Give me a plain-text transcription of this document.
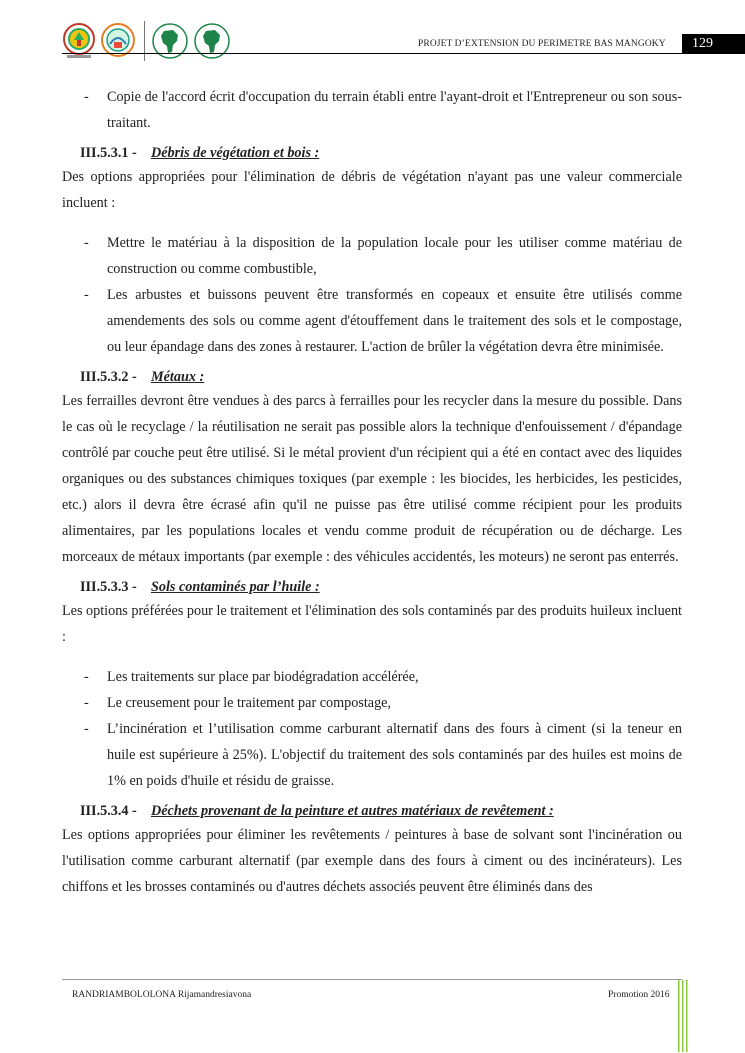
PROJET D’EXTENSION DU PERIMETRE BAS MANGOKY	129
- Copie de l'accord écrit d'occupation du terrain établi entre l'ayant-droit et l'Entrepreneur ou son sous-traitant.
III.5.3.1 - Débris de végétation et bois :

Des options appropriées pour l'élimination de débris de végétation n'ayant pas une valeur commerciale incluent :

- Mettre le matériau à la disposition de la population locale pour les utiliser comme matériau de construction ou comme combustible,
- Les arbustes et buissons peuvent être transformés en copeaux et ensuite être utilisés comme amendements des sols ou comme agent d'étouffement dans le traitement des sols et le compostage, ou leur épandage dans des zones à restaurer. L'action de brûler la végétation devra être minimisée.
III.5.3.2 - Métaux :

Les ferrailles devront être vendues à des parcs à ferrailles pour les recycler dans la mesure du possible. Dans le cas où le recyclage / la réutilisation ne serait pas possible alors la technique d'enfouissement / d'épandage contrôlé par couche peut être utilisé. Si le métal provient d'un récipient qui a été en contact avec des liquides organiques ou des substances chimiques toxiques (par exemple : les biocides, les herbicides, les pesticides, etc.) alors il devra être écrasé afin qu'il ne puisse pas être utilisé comme récipient pour les produits alimentaires, par les populations locales et vendu comme produit de récupération ou de décharge. Les morceaux de métaux importants (par exemple : des véhicules accidentés, les moteurs) ne seront pas enterrés.

III.5.3.3 - Sols contaminés par l’huile :

Les options préférées pour le traitement et l'élimination des sols contaminés par des produits huileux incluent :

- Les traitements sur place par biodégradation accélérée,
- Le creusement pour le traitement par compostage,
- L’incinération et l’utilisation comme carburant alternatif dans des fours à ciment (si la teneur en huile est supérieure à 25%). L'objectif du traitement des sols contaminés par des huiles est moins de 1% en poids d'huile et résidu de graisse.
III.5.3.4 - Déchets provenant de la peinture et autres matériaux de revêtement :

Les options appropriées pour éliminer les revêtements / peintures à base de solvant sont l'incinération ou l'utilisation comme carburant alternatif (par exemple dans des fours à ciment ou des incinérateurs). Les chiffons et les brosses contaminés ou d'autres déchets associés peuvent être éliminés dans des

RANDRIAMBOLOLONA Rijamandresiavona	Promotion 2016
